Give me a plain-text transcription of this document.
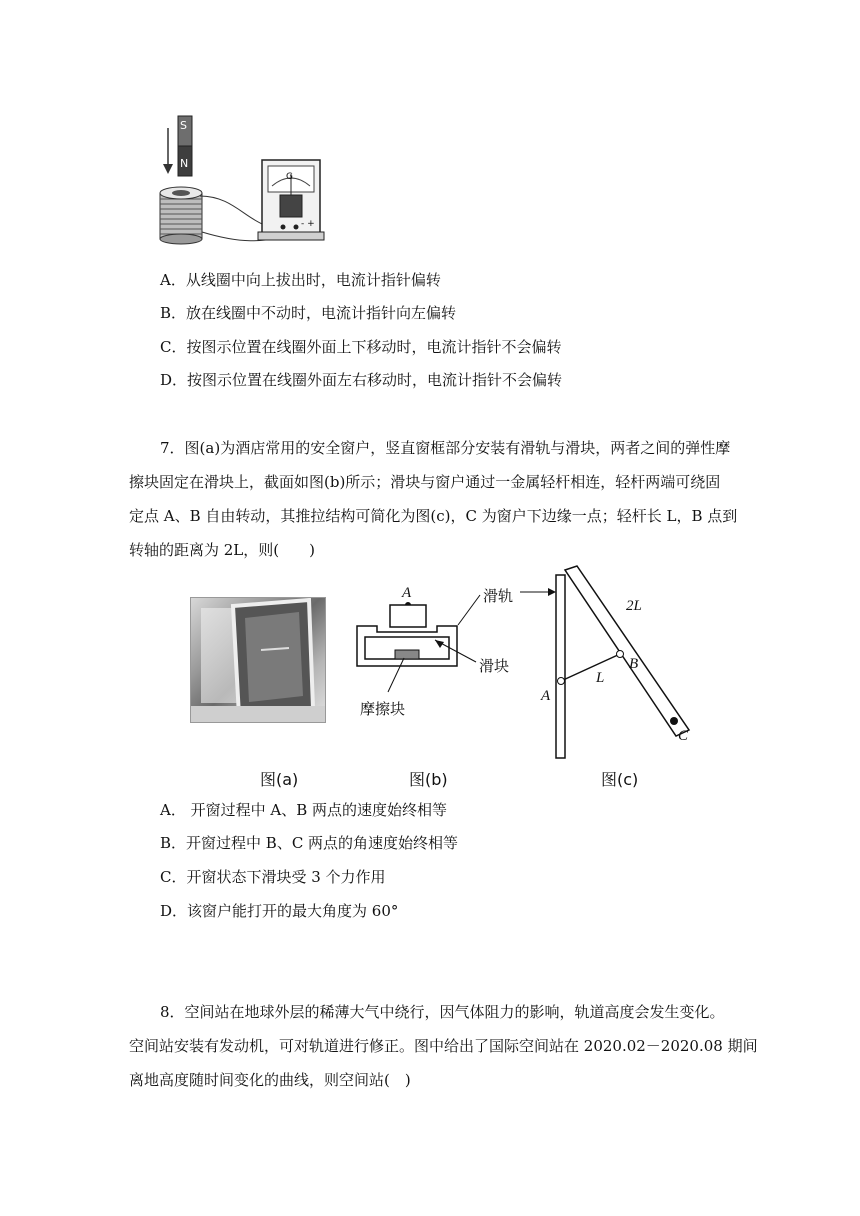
S
N
G
- +
A．从线圈中向上拔出时，电流计指针偏转
B．放在线圈中不动时，电流计指针向左偏转
C．按图示位置在线圈外面上下移动时，电流计指针不会偏转
D．按图示位置在线圈外面左右移动时，电流计指针不会偏转
7．图(a)为酒店常用的安全窗户，竖直窗框部分安装有滑轨与滑块，两者之间的弹性摩
擦块固定在滑块上，截面如图(b)所示；滑块与窗户通过一金属轻杆相连，轻杆两端可绕固
定点 A、B 自由转动，其推拉结构可简化为图(c)，C 为窗户下边缘一点；轻杆长 L，B 点到
转轴的距离为 2L，则(　　)
A	滑轨
滑块
摩擦块
2L
B
L
A
C
图(a)	图(b)	图(c)
A． 开窗过程中 A、B 两点的速度始终相等
B．开窗过程中 B、C 两点的角速度始终相等
C．开窗状态下滑块受 3 个力作用
D．该窗户能打开的最大角度为 60°
8．空间站在地球外层的稀薄大气中绕行，因气体阻力的影响，轨道高度会发生变化。
空间站安装有发动机，可对轨道进行修正。图中给出了国际空间站在 2020.02－2020.08 期间
离地高度随时间变化的曲线，则空间站(　)
